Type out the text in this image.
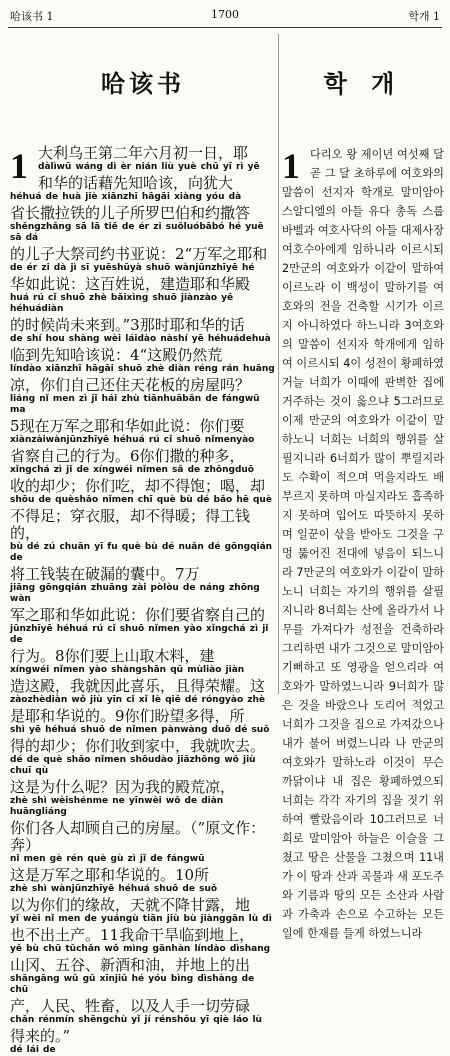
哈该书 1	1700	학개 1
哈该书
1 大利乌王第二年六月初一日，耶
dàlìwū wáng dì èr nián liù yuè chū yī rì yē
和华的话藉先知哈该，向犹大
héhuá de huà jiè xiānzhī hāgāi xiàng yóu dà
省长撒拉铁的儿子所罗巴伯和约撒答
shěngzhǎng sā lā tiě de ér zi suǒluóbābó hé yuē sā dá
的儿子大祭司约书亚说：2“万军之耶和
de ér zi dà jì sī yuēshūyà shuō wànjūnzhīyē hé
华如此说：这百姓说，建造耶和华殿
huá rú cǐ shuō zhè bǎixìng shuō jiànzào yē héhuádiàn
的时候尚未来到。”3那时耶和华的话
de shí hou shàng wèi láidào nàshí yē héhuádehuà
临到先知哈该说：4“这殿仍然荒
líndào xiānzhī hāgāi shuō zhè diàn réng rán huāng
凉，你们自己还住天花板的房屋吗？
liáng nǐ men zì jǐ hái zhù tiānhuābǎn de fángwū ma
5现在万军之耶和华如此说：你们要
xiànzàiwànjūnzhīyē héhuá rú cǐ shuō nǐmenyào
省察自己的行为。6你们撒的种多，
xǐngchá zì jǐ de xíngwéi nǐmen sǎ de zhǒngduō
收的却少；你们吃，却不得饱；喝，却
shōu de quèshǎo nǐmen chī què bù dé bǎo hē què
不得足；穿衣服，却不得暖；得工钱的，
bù dé zú chuān yī fu què bù dé nuǎn dé gōngqián de
将工钱装在破漏的囊中。7万
jiāng gōngqián zhuāng zài pòlòu de náng zhōng wàn
军之耶和华如此说：你们要省察自己的
jūnzhīyē héhuá rú cǐ shuō nǐmen yào xǐngchá zì jǐ de
行为。8你们要上山取木料，建
xíngwéi nǐmen yào shàngshān qǔ mùliào jiàn
造这殿，我就因此喜乐，且得荣耀。这
zàozhèdiàn wǒ jiù yīn cǐ xǐ lè qiě dé róngyào zhè
是耶和华说的。9你们盼望多得，所
shì yē héhuá shuō de nǐmen pànwàng duō dé suǒ
得的却少；你们收到家中，我就吹去。
dé de què shǎo nǐmen shōudào jiāzhōng wǒ jiù chuī qù
这是为什么呢？因为我的殿荒凉，
zhè shì wèishénme ne yīnwèi wǒ de diàn huāngliáng
你们各人却顾自己的房屋。（”原文作：奔）
nǐ men gè rén què gù zì jǐ de fángwū
这是万军之耶和华说的。10所
zhè shì wànjūnzhīyē héhuá shuō de suǒ
以为你们的缘故，天就不降甘露，地
yǐ wèi nǐ men de yuángù tiān jiù bù jiànggān lù dì
也不出土产。11我命干旱临到地上，
yě bù chū tǔchǎn wǒ mìng gānhàn líndào dìshang
山冈、五谷、新酒和油，并地上的出
shāngāng wǔ gǔ xīnjiǔ hé yóu bìng dìshàng de chū
产，人民、牲畜，以及人手一切劳碌
chǎn rénmín shēngchù yǐ jí rénshǒu yī qiè láo lù
得来的。”
dé lái de
학 개
1 다리오 왕 제이년 여섯째 달 곧 그 달 초하루에 여호와의 말씀이 선지자 학개로 말미암아 스알디엘의 아들 유다 총독 스룹바벨과 여호사닥의 아들 대제사장 여호수아에게 임하니라 이르시되 2만군의 여호와가 이같이 말하여 이르노라 이 백성이 말하기를 여호와의 전을 건축할 시기가 이르지 아니하였다 하느니라 3여호와의 말씀이 선지자 학개에게 임하여 이르시되 4이 성전이 황폐하였거늘 너희가 이때에 판벽한 집에 거주하는 것이 옳으냐 5그러므로 이제 만군의 여호와가 이같이 말하노니 너희는 너희의 행위를 살필지니라 6너희가 많이 뿌릴지라도 수확이 적으며 먹을지라도 배부르지 못하며 마실지라도 흡족하지 못하며 입어도 따뜻하지 못하며 일꾼이 삯을 받아도 그것을 구멍 뚫어진 전대에 넣음이 되느니라 7만군의 여호와가 이같이 말하노니 너희는 자기의 행위를 살필지니라 8너희는 산에 올라가서 나무를 가져다가 성전을 건축하라 그리하면 내가 그것으로 말미암아 기뻐하고 또 영광을 얻으리라 여호와가 말하였느니라 9너희가 많은 것을 바랐으나 도리어 적었고 너희가 그것을 집으로 가져갔으나 내가 불어 버렸느니라 나 만군의 여호와가 말하노라 이것이 무슨 까닭이냐 내 집은 황폐하였으되 너희는 각각 자기의 집을 짓기 위하여 빨랐음이라 10그러므로 너희로 말미암아 하늘은 이슬을 그쳤고 땅은 산물을 그쳤으며 11내가 이 땅과 산과 곡물과 새 포도주와 기름과 땅의 모든 소산과 사람과 가축과 손으로 수고하는 모든 일에 한재를 들게 하였느니라
